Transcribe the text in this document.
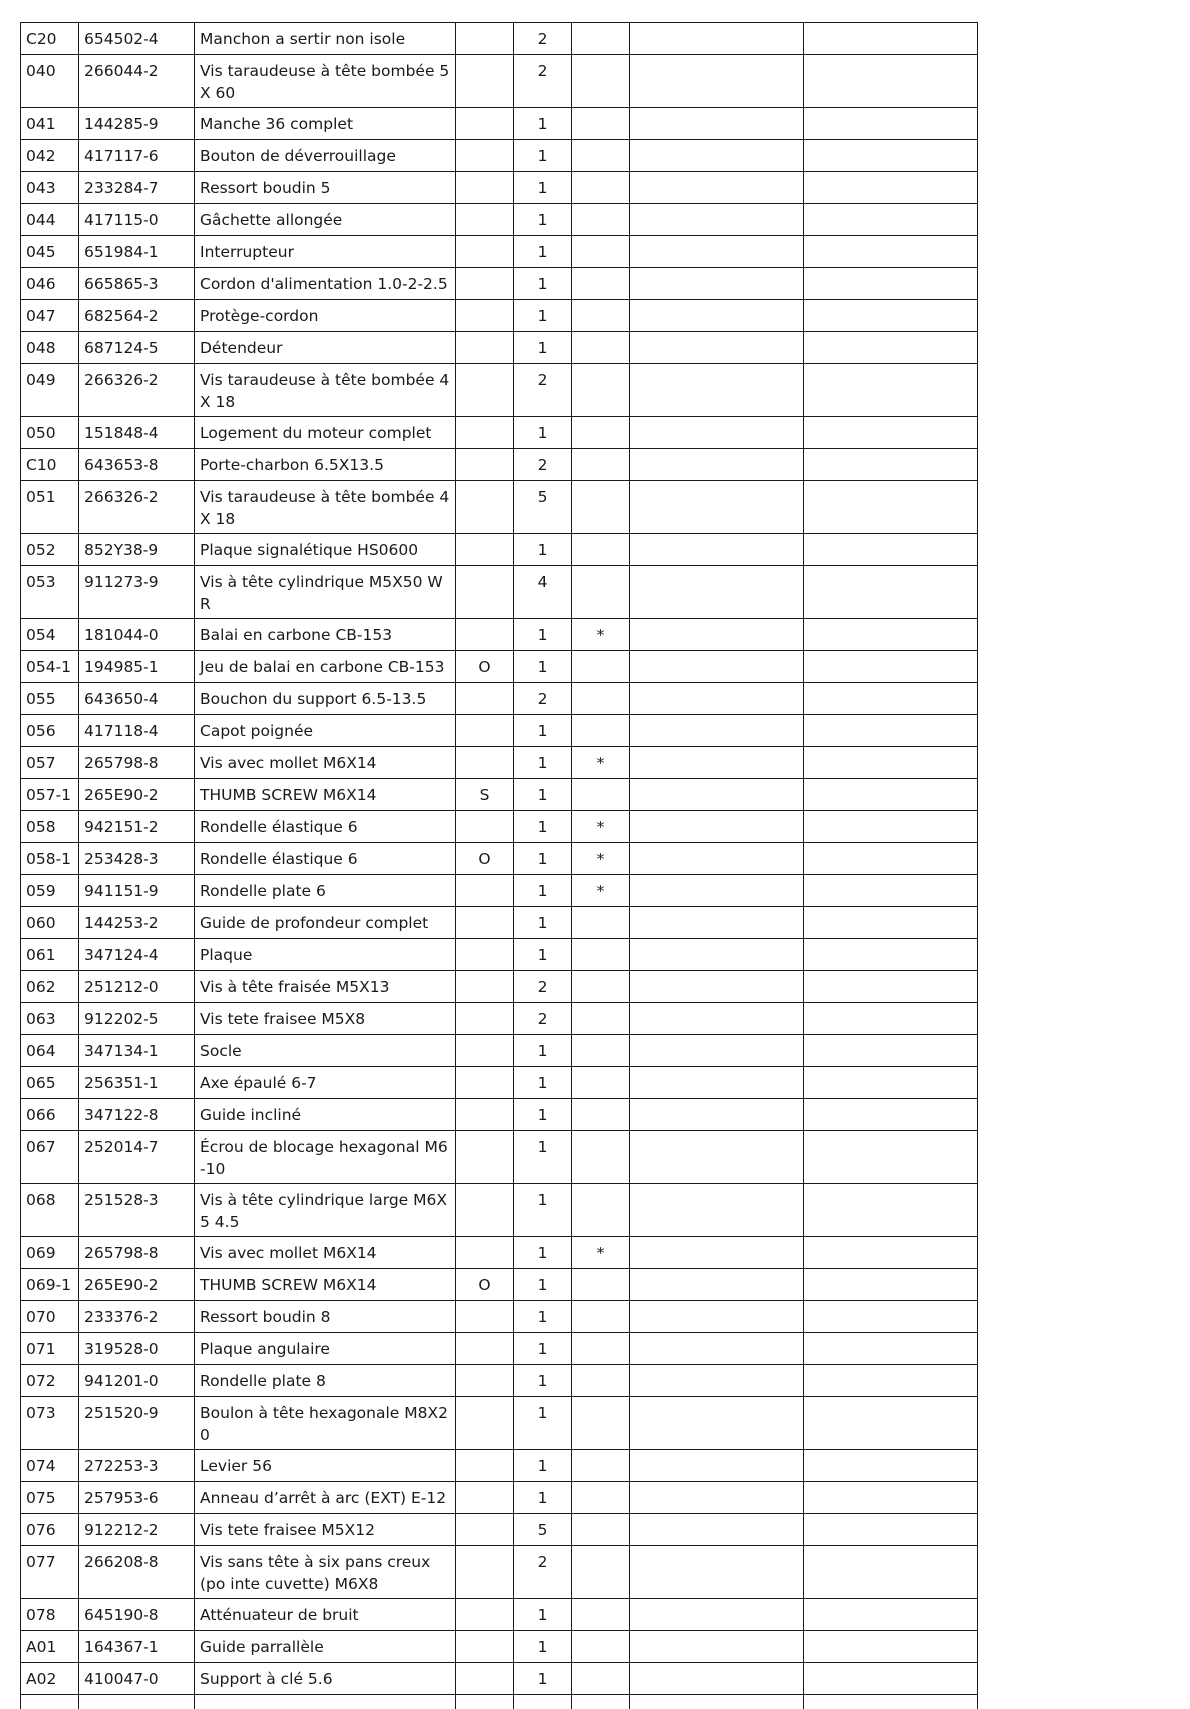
C20	654502-4	Manchon a sertir non isole		2			
040	266044-2	Vis taraudeuse à tête bombée 5X 60		2			
041	144285-9	Manche 36 complet		1			
042	417117-6	Bouton de déverrouillage		1			
043	233284-7	Ressort boudin 5		1			
044	417115-0	Gâchette allongée		1			
045	651984-1	Interrupteur		1			
046	665865-3	Cordon d'alimentation 1.0-2-2.5		1			
047	682564-2	Protège-cordon		1			
048	687124-5	Détendeur		1			
049	266326-2	Vis taraudeuse à tête bombée 4X 18		2			
050	151848-4	Logement du moteur complet		1			
C10	643653-8	Porte-charbon 6.5X13.5		2			
051	266326-2	Vis taraudeuse à tête bombée 4X 18		5			
052	852Y38-9	Plaque signalétique HS0600		1			
053	911273-9	Vis à tête cylindrique M5X50 WR		4			
054	181044-0	Balai en carbone CB-153		1	*		
054-1	194985-1	Jeu de balai en carbone CB-153	O	1			
055	643650-4	Bouchon du support 6.5-13.5		2			
056	417118-4	Capot poignée		1			
057	265798-8	Vis avec mollet M6X14		1	*		
057-1	265E90-2	THUMB SCREW M6X14	S	1			
058	942151-2	Rondelle élastique 6		1	*		
058-1	253428-3	Rondelle élastique 6	O	1	*		
059	941151-9	Rondelle plate 6		1	*		
060	144253-2	Guide de profondeur complet		1			
061	347124-4	Plaque		1			
062	251212-0	Vis à tête fraisée M5X13		2			
063	912202-5	Vis tete fraisee M5X8		2			
064	347134-1	Socle		1			
065	256351-1	Axe épaulé 6-7		1			
066	347122-8	Guide incliné		1			
067	252014-7	Écrou de blocage hexagonal M6-10		1			
068	251528-3	Vis à tête cylindrique large M6X5 4.5		1			
069	265798-8	Vis avec mollet M6X14		1	*		
069-1	265E90-2	THUMB SCREW M6X14	O	1			
070	233376-2	Ressort boudin 8		1			
071	319528-0	Plaque angulaire		1			
072	941201-0	Rondelle plate 8		1			
073	251520-9	Boulon à tête hexagonale M8X20		1			
074	272253-3	Levier 56		1			
075	257953-6	Anneau d’arrêt à arc (EXT) E-12		1			
076	912212-2	Vis tete fraisee M5X12		5			
077	266208-8	Vis sans tête à six pans creux (po inte cuvette) M6X8		2			
078	645190-8	Atténuateur de bruit		1			
A01	164367-1	Guide parrallèle		1			
A02	410047-0	Support à clé 5.6		1			
